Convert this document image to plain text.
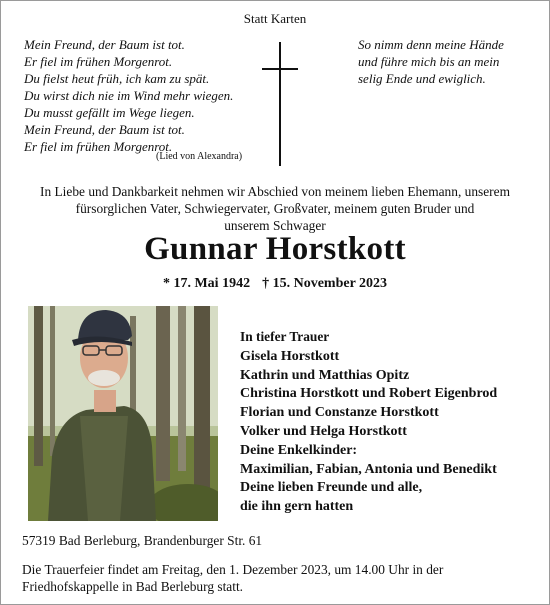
Statt Karten
Mein Freund, der Baum ist tot.
Er fiel im frühen Morgenrot.
Du fielst heut früh, ich kam zu spät.
Du wirst dich nie im Wind mehr wiegen.
Du musst gefällt im Wege liegen.
Mein Freund, der Baum ist tot.
Er fiel im frühen Morgenrot.
(Lied von Alexandra)
So nimm denn meine Hände
und führe mich bis an mein
selig Ende und ewiglich.
In Liebe und Dankbarkeit nehmen wir Abschied von meinem lieben Ehemann, unserem
fürsorglichen Vater, Schwiegervater, Großvater, meinem guten Bruder und
unserem Schwager
Gunnar Horstkott
* 17. Mai 1942 † 15. November 2023
In tiefer Trauer
Gisela Horstkott
Kathrin und Matthias Opitz
Christina Horstkott und Robert Eigenbrod
Florian und Constanze Horstkott
Volker und Helga Horstkott
Deine Enkelkinder:
Maximilian, Fabian, Antonia und Benedikt
Deine lieben Freunde und alle,
die ihn gern hatten
57319 Bad Berleburg, Brandenburger Str. 61
Die Trauerfeier findet am Freitag, den 1. Dezember 2023, um 14.00 Uhr in der
Friedhofskappelle in Bad Berleburg statt.
